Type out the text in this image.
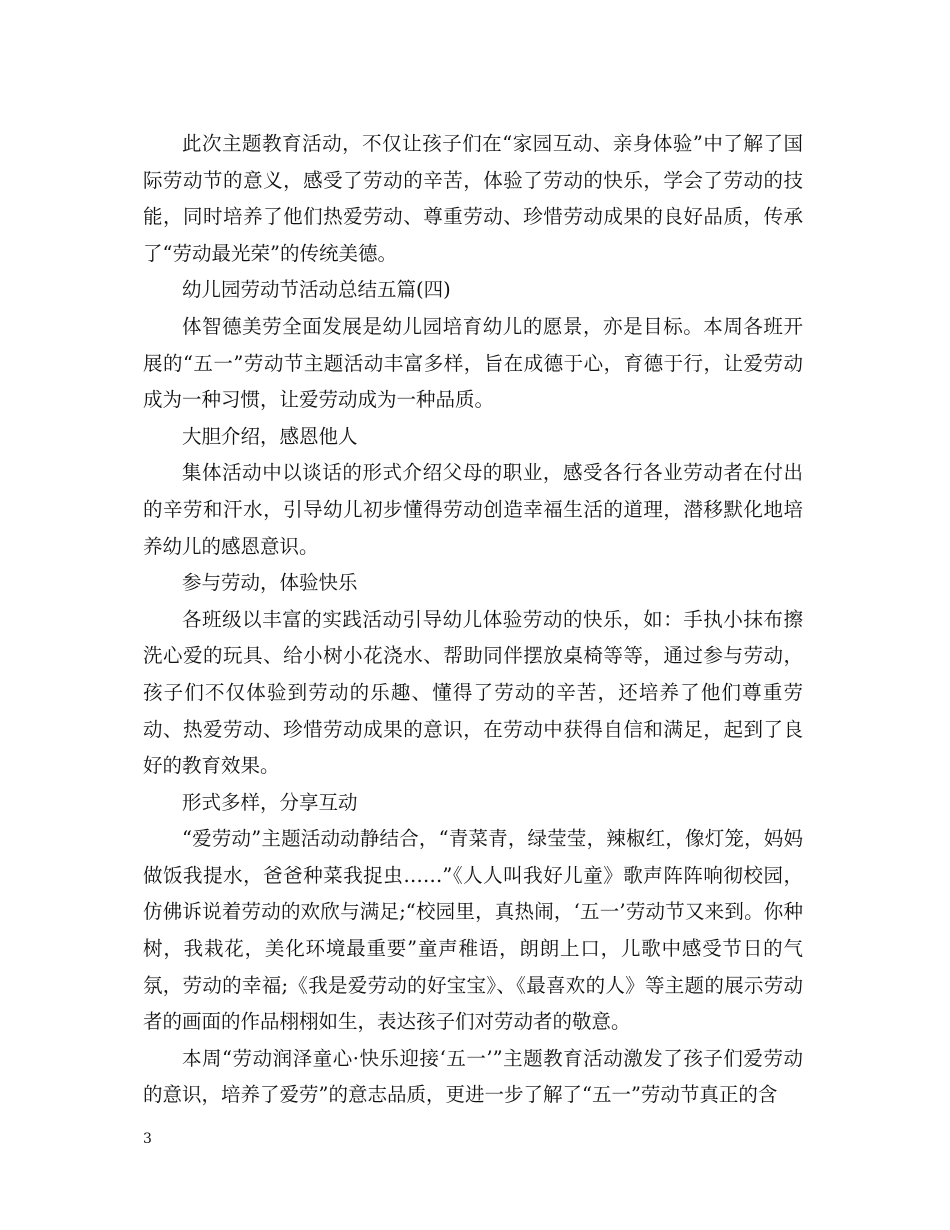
此次主题教育活动，不仅让孩子们在“家园互动、亲身体验”中了解了国际劳动节的意义，感受了劳动的辛苦，体验了劳动的快乐，学会了劳动的技能，同时培养了他们热爱劳动、尊重劳动、珍惜劳动成果的良好品质，传承了“劳动最光荣”的传统美德。

幼儿园劳动节活动总结五篇(四)

体智德美劳全面发展是幼儿园培育幼儿的愿景，亦是目标。本周各班开展的“五一”劳动节主题活动丰富多样，旨在成德于心，育德于行，让爱劳动成为一种习惯，让爱劳动成为一种品质。

大胆介绍，感恩他人

集体活动中以谈话的形式介绍父母的职业，感受各行各业劳动者在付出的辛劳和汗水，引导幼儿初步懂得劳动创造幸福生活的道理，潜移默化地培养幼儿的感恩意识。

参与劳动，体验快乐

各班级以丰富的实践活动引导幼儿体验劳动的快乐，如：手执小抹布擦洗心爱的玩具、给小树小花浇水、帮助同伴摆放桌椅等等，通过参与劳动，孩子们不仅体验到劳动的乐趣、懂得了劳动的辛苦，还培养了他们尊重劳动、热爱劳动、珍惜劳动成果的意识，在劳动中获得自信和满足，起到了良好的教育效果。

形式多样，分享互动

“爱劳动”主题活动动静结合，“青菜青，绿莹莹，辣椒红，像灯笼，妈妈做饭我提水，爸爸种菜我捉虫……”《人人叫我好儿童》歌声阵阵响彻校园，仿佛诉说着劳动的欢欣与满足;“校园里，真热闹，‘五一’劳动节又来到。你种树，我栽花，美化环境最重要”童声稚语，朗朗上口，儿歌中感受节日的气氛，劳动的幸福;《我是爱劳动的好宝宝》、《最喜欢的人》等主题的展示劳动者的画面的作品栩栩如生，表达孩子们对劳动者的敬意。

本周“劳动润泽童心·快乐迎接‘五一’”主题教育活动激发了孩子们爱劳动的意识，培养了爱劳”的意志品质，更进一步了解了“五一”劳动节真正的含

3
